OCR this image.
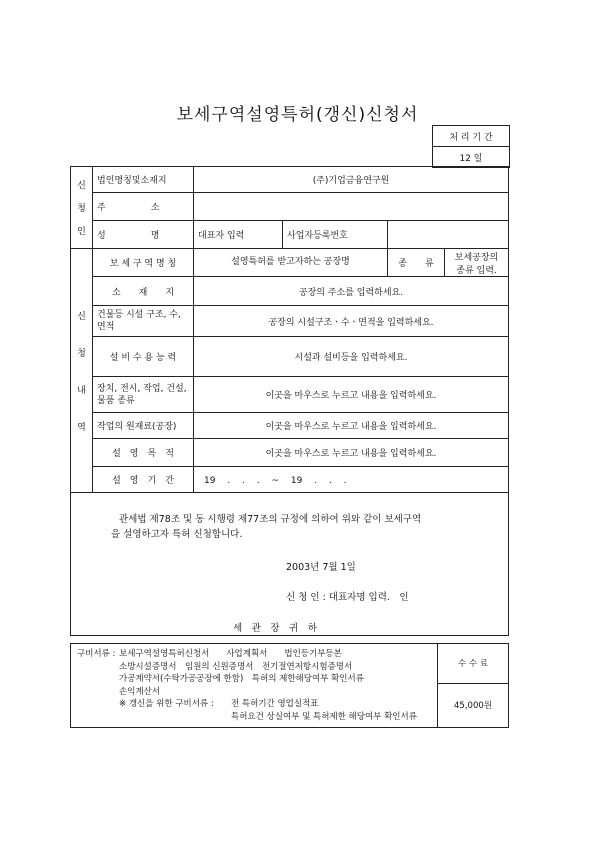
보세구역설영특허(갱신)신청서
처 리 기 간
12 일
신
청
인	법인명칭및소재지	(주)기업금융연구원			
	주　　　　　소				
	성　　　　　명	대표자 입력	사업자등록번호		

신
청
내
역	보 세 구 역 명 칭	설영특허를 받고자하는 공장명		종　　류	보세공장의 종류 입력.
	소　　재　　지	공장의 주소를 입력하세요.			
	건물등 시설 구조, 수, 면적	공장의 시설구조ㆍ수ㆍ면적을 입력하세요.			
	설 비 수 용 능 력	시설과 설비등을 입력하세요.			
	장치, 전시, 작업, 건설, 물품 종류	이곳을 마우스로 누르고 내용을 입력하세요.			
	작업의 원재료(공장)	이곳을 마우스로 누르고 내용을 입력하세요.			
	설　영　목　적	이곳을 마우스로 누르고 내용을 입력하세요.			
	설　영　기　간	19　 .　 .　 .　 ~　 19　 .　 .　 .			

관세법 제78조 및 동 시행령 제77조의 규정에 의하여 위와 같이 보세구역
을 설영하고자 특허 신청합니다.
2003년 7월 1일
신 청 인 : 대표자명 입력.　인
세　관　장　귀　하					
구비서류 : 보세구역설영특허신청서　　사업계획서　　법인등기부등본
소방시설증명서　임원의 신원증명서　전기절연저항시험증명서
가공계약서(수탁가공공장에 한함)　특허의 제한해당여부 확인서류
손익계산서
※ 갱신을 위한 구비서류 :	전 특허기간 영업실적표
특허요건 상실여부 및 특허제한 해당여부 확인서류
	수 수 료
45,000원
